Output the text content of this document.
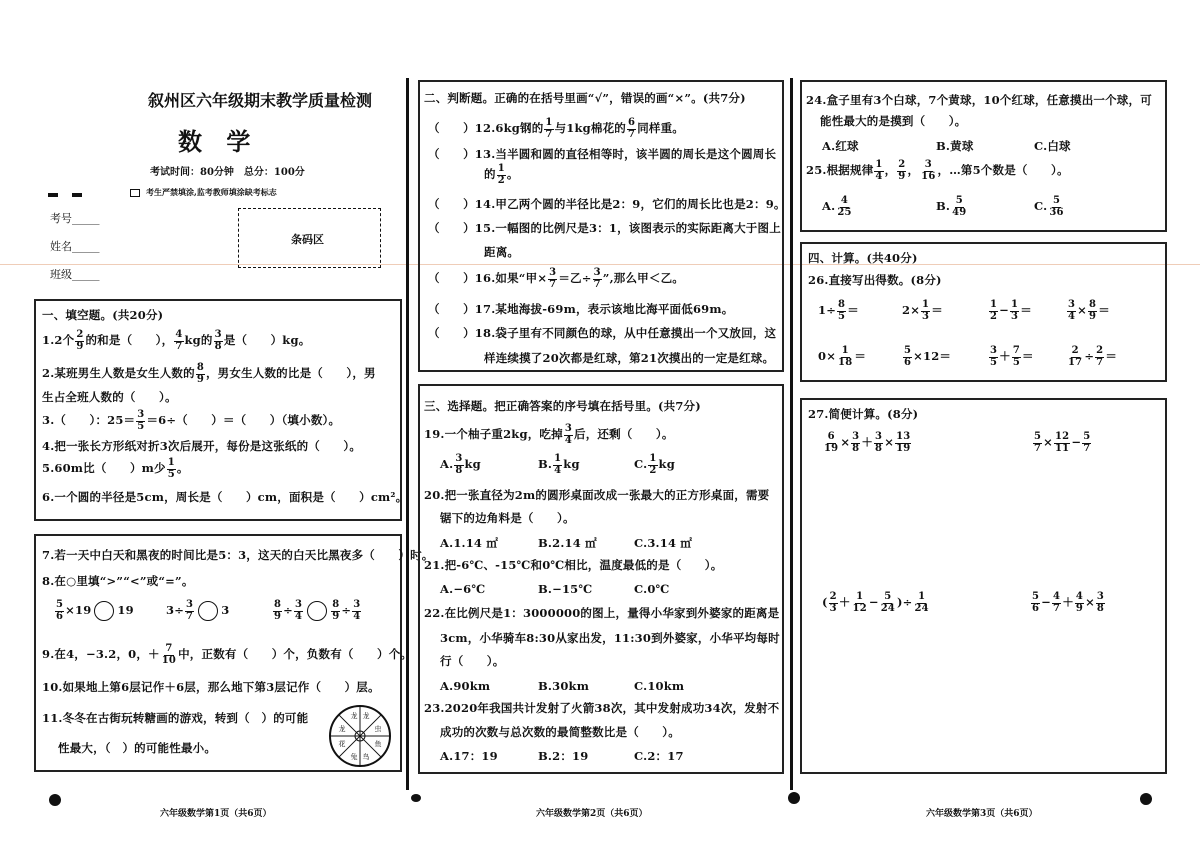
叙州区六年级期末教学质量检测
数 学
考试时间：80分钟　总分：100分
考生严禁填涂,监考教师填涂缺考标志
考号_____
姓名_____
班级_____
条码区
一、填空题。(共20分)
1.2个 $\frac{2}{9}$ 的和是（　　）， $\frac{4}{7}$ kg的 $\frac{3}{8}$ 是（　　）kg。
2.某班男生人数是女生人数的 $\frac{8}{9}$ ，男女生人数的比是（　　），男
生占全班人数的（　　）。
3.（　　）：$25= \frac{3}{5} =6\div$（　　）＝（　　）（填小数）。
4.把一张长方形纸对折3次后展开，每份是这张纸的（　　）。
5.60m比（　　）m少 $\frac{1}{5}$ 。
6.一个圆的半径是5cm，周长是（　　）cm，面积是（　　）cm²。
7.若一天中白天和黑夜的时间比是5：3，这天的白天比黑夜多（　　）时。
8.在○里填“>”“<”或“=”。
$\frac{5}{6} \times 19$ 19	$3\div \frac{3}{7} 3$	$\frac{8}{9} \div \frac{3}{4}$	$\frac{8}{9} \div \frac{3}{4}$
9.在4，−3.2，0，＋ $\frac{7}{10}$ 中，正数有（　　）个，负数有（　　）个。
10.如果地上第6层记作＋6层，那么地下第3层记作（　　）层。
11.冬冬在古街玩转糖画的游戏，转到（　）的可能
性最大，（　）的可能性最小。
龙
虫
鱼
鸟
兔
花
龙
龙
六年级数学第1页（共6页）
二、判断题。正确的在括号里画“√”，错误的画“×”。(共7分)
（　　）12.6kg钢的 $\frac{1}{7}$ 与1kg棉花的 $\frac{6}{7}$ 同样重。
（　　）13.当半圆和圆的直径相等时，该半圆的周长是这个圆周长
的 $\frac{1}{2}$ 。
（　　）14.甲乙两个圆的半径比是2：9，它们的周长比也是2：9。
（　　）15.一幅图的比例尺是3：1，该图表示的实际距离大于图上
距离。
（　　）16.如果“甲× $\frac{3}{7}$ ＝乙÷ $\frac{3}{7}$ ”,那么甲＜乙。
（　　）17.某地海拔-69m，表示该地比海平面低69m。
（　　）18.袋子里有不同颜色的球，从中任意摸出一个又放回，这
样连续摸了20次都是红球，第21次摸出的一定是红球。
三、选择题。把正确答案的序号填在括号里。(共7分)
19.一个柚子重2kg，吃掉 $\frac{3}{4}$ 后，还剩（　　）。
A. $\frac{3}{8}$ kg	B. $\frac{1}{4}$ kg	C. $\frac{1}{2}$ kg
20.把一张直径为2m的圆形桌面改成一张最大的正方形桌面，需要
锯下的边角料是（　　）。
A.1.14 ㎡	B.2.14 ㎡	C.3.14 ㎡
21.把-6℃、-15℃和0℃相比，温度最低的是（　　）。
A.−6℃	B.−15℃	C.0℃
22.在比例尺是1：3000000的图上，量得小华家到外婆家的距离是
3cm，小华骑车8:30从家出发，11:30到外婆家，小华平均每时
行（　　）。
A.90km	B.30km	C.10km
23.2020年我国共计发射了火箭38次，其中发射成功34次，发射不
成功的次数与总次数的最简整数比是（　　）。
A.17：19	B.2：19	C.2：17
六年级数学第2页（共6页）
24.盒子里有3个白球，7个黄球，10个红球，任意摸出一个球，可
能性最大的是摸到（　　）。
A.红球	B.黄球	C.白球
25.根据规律 $\frac{1}{4}$ ， $\frac{2}{9}$ ， $\frac{3}{16}$ ，…第5个数是（　　）。
A. $\frac{4}{25}$	B. $\frac{5}{49}$	C. $\frac{5}{36}$
四、计算。(共40分)
26.直接写出得数。(8分)
$1\div \frac{8}{5}$ ＝	$2\times \frac{1}{3}$ ＝	$\frac{1}{2} - \frac{1}{3}$ ＝	$\frac{3}{4} \times \frac{8}{9}$ ＝
$0\times \frac{1}{18}$ ＝	$\frac{5}{6} \times 12=$	$\frac{3}{5} + \frac{7}{5}$ ＝	$\frac{2}{17} \div \frac{2}{7}$ ＝
27.简便计算。(8分)
$\frac{6}{19} \times \frac{3}{8} + \frac{3}{8} \times \frac{13}{19}$	$\frac{5}{7} \times \frac{12}{11} - \frac{5}{7}$
( $\frac{2}{3} + \frac{1}{12} - \frac{5}{24}$ )÷ $\frac{1}{24}$	$\frac{5}{6} - \frac{4}{7} + \frac{4}{9} \times \frac{3}{8}$
六年级数学第3页（共6页）
